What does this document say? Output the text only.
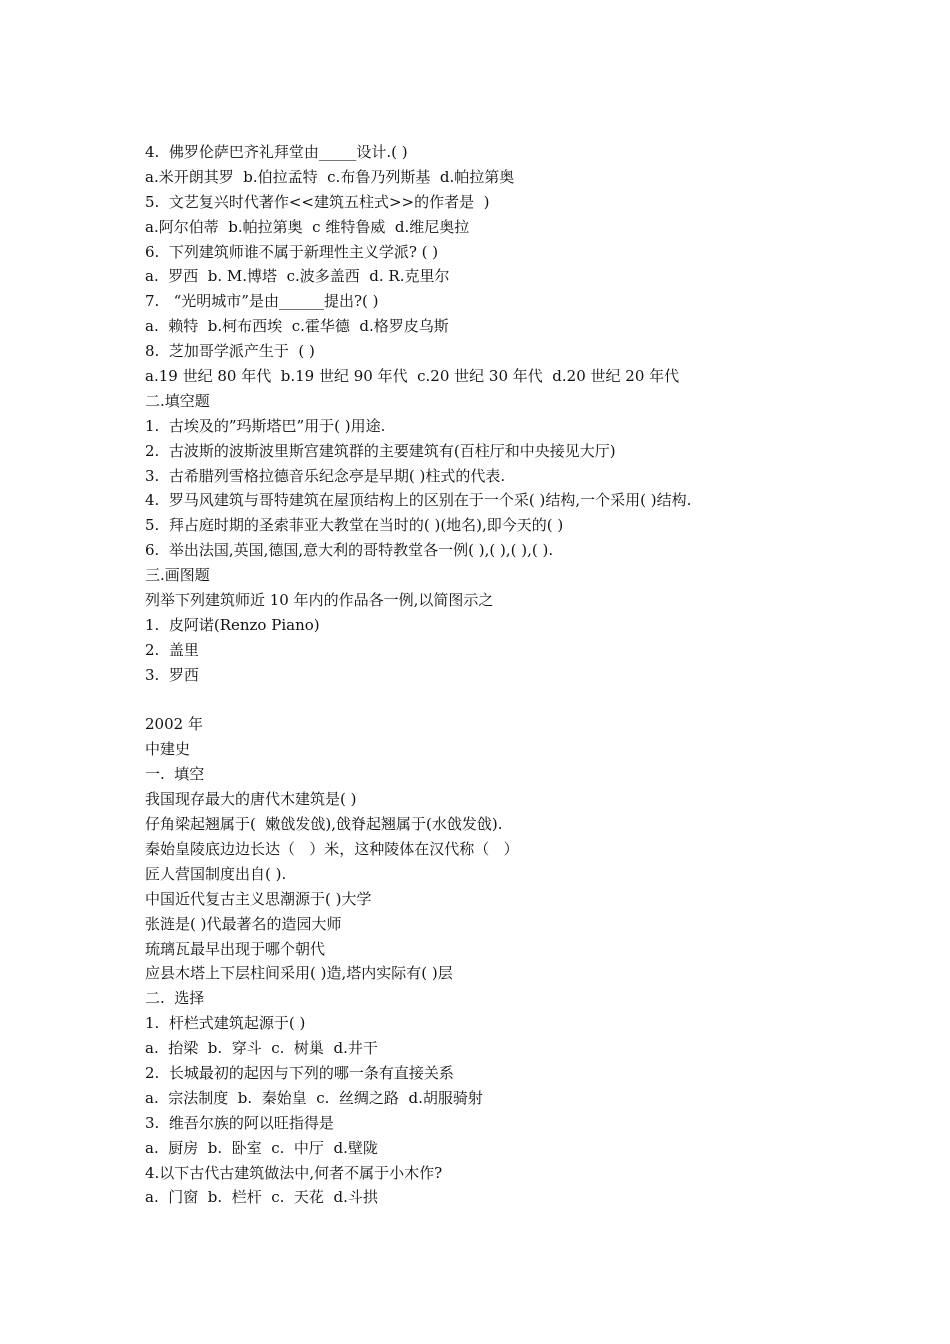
4.  佛罗伦萨巴齐礼拜堂由_____设计.( )
a.米开朗其罗  b.伯拉孟特  c.布鲁乃列斯基  d.帕拉第奥
5.  文艺复兴时代著作<<建筑五柱式>>的作者是  )
a.阿尔伯蒂  b.帕拉第奥  c 维特鲁威  d.维尼奥拉
6.  下列建筑师谁不属于新理性主义学派? ( )
a.  罗西  b. M.博塔  c.波多盖西  d. R.克里尔
7.   “光明城市”是由______提出?( )
a.  赖特  b.柯布西埃  c.霍华德  d.格罗皮乌斯
8.  芝加哥学派产生于  ( )
a.19 世纪 80 年代  b.19 世纪 90 年代  c.20 世纪 30 年代  d.20 世纪 20 年代
二.填空题
1.  古埃及的”玛斯塔巴”用于( )用途.
2.  古波斯的波斯波里斯宫建筑群的主要建筑有(百柱厅和中央接见大厅)
3.  古希腊列雪格拉德音乐纪念亭是早期( )柱式的代表.
4.  罗马风建筑与哥特建筑在屋顶结构上的区别在于一个采( )结构,一个采用( )结构.
5.  拜占庭时期的圣索菲亚大教堂在当时的( )(地名),即今天的( )
6.  举出法国,英国,德国,意大利的哥特教堂各一例( ),( ),( ),( ).
三.画图题
列举下列建筑师近 10 年内的作品各一例,以简图示之
1.  皮阿诺(Renzo Piano)
2.  盖里
3.  罗西
2002 年
中建史
一.  填空
我国现存最大的唐代木建筑是( )
仔角梁起翘属于(  嫩戗发戗),戗脊起翘属于(水戗发戗).
秦始皇陵底边边长达（   ）米，这种陵体在汉代称（   ）
匠人营国制度出自( ).
中国近代复古主义思潮源于( )大学
张涟是( )代最著名的造园大师
琉璃瓦最早出现于哪个朝代
应县木塔上下层柱间采用( )造,塔内实际有( )层
二.  选择
1.  杆栏式建筑起源于( )
a.  抬梁  b.  穿斗  c.  树巢  d.井干
2.  长城最初的起因与下列的哪一条有直接关系
a.  宗法制度  b.  秦始皇  c.  丝绸之路  d.胡服骑射
3.  维吾尔族的阿以旺指得是
a.  厨房  b.  卧室  c.  中厅  d.壁陇
4.以下古代古建筑做法中,何者不属于小木作?
a.  门窗  b.  栏杆  c.  天花  d.斗拱
